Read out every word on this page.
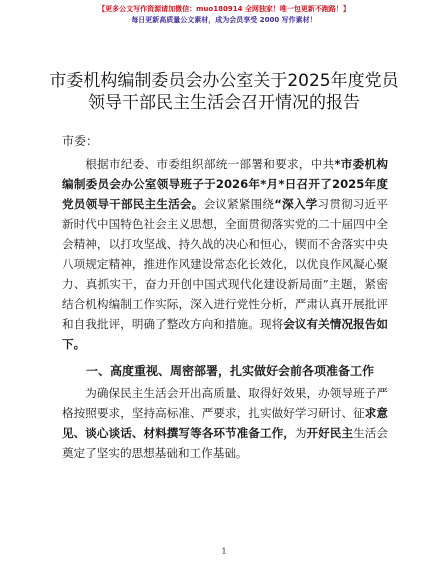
【更多公文写作资源请加微信：muo180914 全网独家！唯一包更新不跑路！】
每日更新高质量公文素材，成为会员享受 2000 写作素材！
市委机构编制委员会办公室关于2025年度党员
领导干部民主生活会召开情况的报告
市委：

根据市纪委、市委组织部统一部署和要求，中共*市委机构编制委员会办公室领导班子于2026年*月*日召开了2025年度党员领导干部民主生活会。会议紧紧围绕“深入学习贯彻习近平新时代中国特色社会主义思想，全面贯彻落实党的二十届四中全会精神，以打攻坚战、持久战的决心和恒心，锲而不舍落实中央八项规定精神，推进作风建设常态化长效化，以优良作风凝心聚力、真抓实干，奋力开创中国式现代化建设新局面”主题，紧密结合机构编制工作实际，深入进行党性分析，严肃认真开展批评和自我批评，明确了整改方向和措施。现将会议有关情况报告如下。

一、高度重视、周密部署，扎实做好会前各项准备工作

为确保民主生活会开出高质量、取得好效果，办领导班子严格按照要求，坚持高标准、严要求，扎实做好学习研讨、征求意见、谈心谈话、材料撰写等各环节准备工作，为开好民主生活会奠定了坚实的思想基础和工作基础。

1
